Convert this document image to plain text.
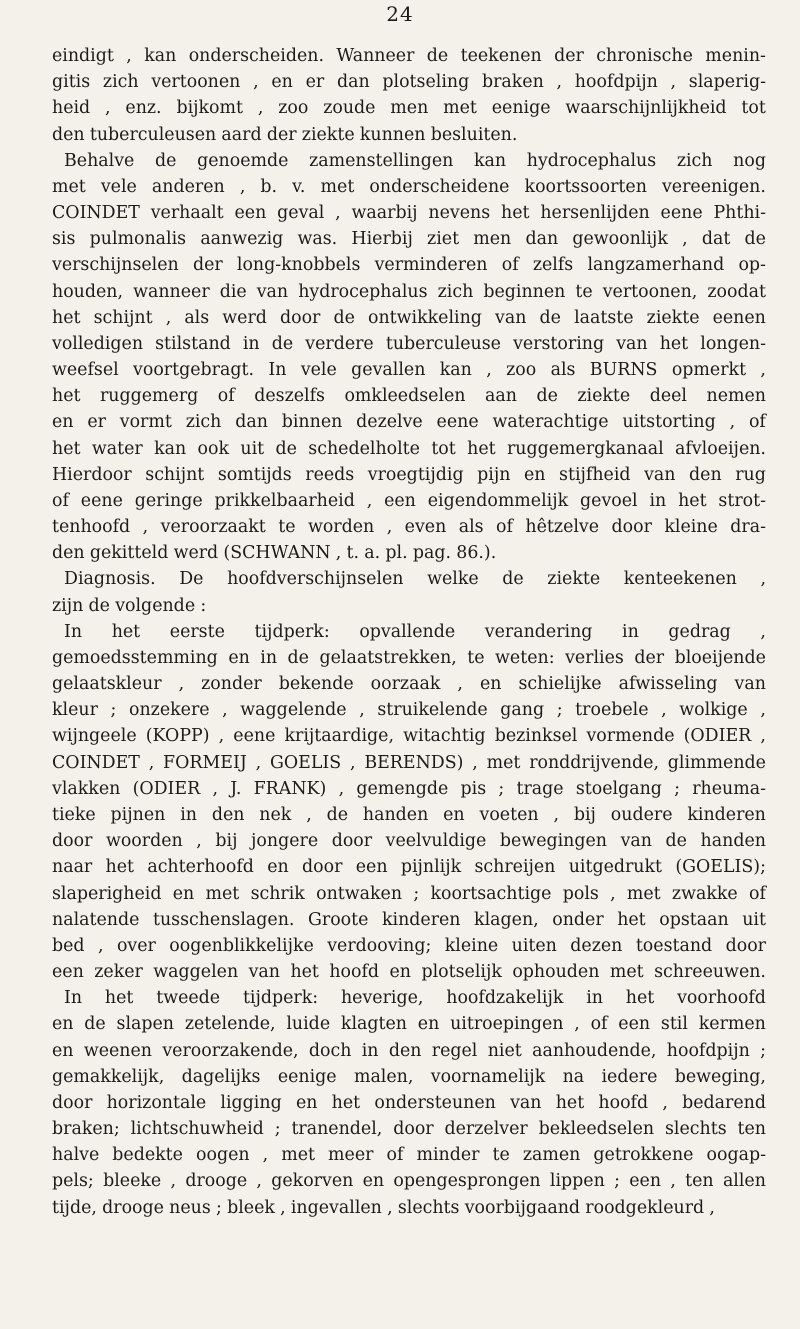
24
eindigt , kan onderscheiden. Wanneer de teekenen der chronische menin-
gitis zich vertoonen , en er dan plotseling braken , hoofdpijn , slaperig-
heid , enz. bijkomt , zoo zoude men met eenige waarschijnlijkheid tot
den tuberculeusen aard der ziekte kunnen besluiten.
Behalve de genoemde zamenstellingen kan hydrocephalus zich nog
met vele anderen , b. v. met onderscheidene koortssoorten vereenigen.
COINDET verhaalt een geval , waarbij nevens het hersenlijden eene Phthi-
sis pulmonalis aanwezig was. Hierbij ziet men dan gewoonlijk , dat de
verschijnselen der long-knobbels verminderen of zelfs langzamerhand op-
houden, wanneer die van hydrocephalus zich beginnen te vertoonen, zoodat
het schijnt , als werd door de ontwikkeling van de laatste ziekte eenen
volledigen stilstand in de verdere tuberculeuse verstoring van het longen-
weefsel voortgebragt. In vele gevallen kan , zoo als BURNS opmerkt ,
het ruggemerg of deszelfs omkleedselen aan de ziekte deel nemen
en er vormt zich dan binnen dezelve eene waterachtige uitstorting , of
het water kan ook uit de schedelholte tot het ruggemergkanaal afvloeijen.
Hierdoor schijnt somtijds reeds vroegtijdig pijn en stijfheid van den rug
of eene geringe prikkelbaarheid , een eigendommelijk gevoel in het strot-
tenhoofd , veroorzaakt te worden , even als of hêtzelve door kleine dra-
den gekitteld werd (SCHWANN , t. a. pl. pag. 86.).
Diagnosis. De hoofdverschijnselen welke de ziekte kenteekenen ,
zijn de volgende :
In het eerste tijdperk: opvallende verandering in gedrag ,
gemoedsstemming en in de gelaatstrekken, te weten: verlies der bloeijende
gelaatskleur , zonder bekende oorzaak , en schielijke afwisseling van
kleur ; onzekere , waggelende , struikelende gang ; troebele , wolkige ,
wijngeele (KOPP) , eene krijtaardige, witachtig bezinksel vormende (ODIER ,
COINDET , FORMEIJ , GOELIS , BERENDS) , met ronddrijvende, glimmende
vlakken (ODIER , J. FRANK) , gemengde pis ; trage stoelgang ; rheuma-
tieke pijnen in den nek , de handen en voeten , bij oudere kinderen
door woorden , bij jongere door veelvuldige bewegingen van de handen
naar het achterhoofd en door een pijnlijk schreijen uitgedrukt (GOELIS);
slaperigheid en met schrik ontwaken ; koortsachtige pols , met zwakke of
nalatende tusschenslagen. Groote kinderen klagen, onder het opstaan uit
bed , over oogenblikkelijke verdooving; kleine uiten dezen toestand door
een zeker waggelen van het hoofd en plotselijk ophouden met schreeuwen.
In het tweede tijdperk: heverige, hoofdzakelijk in het voorhoofd
en de slapen zetelende, luide klagten en uitroepingen , of een stil kermen
en weenen veroorzakende, doch in den regel niet aanhoudende, hoofdpijn ;
gemakkelijk, dagelijks eenige malen, voornamelijk na iedere beweging,
door horizontale ligging en het ondersteunen van het hoofd , bedarend
braken; lichtschuwheid ; tranendel, door derzelver bekleedselen slechts ten
halve bedekte oogen , met meer of minder te zamen getrokkene oogap-
pels; bleeke , drooge , gekorven en opengesprongen lippen ; een , ten allen
tijde, drooge neus ; bleek , ingevallen , slechts voorbijgaand roodgekleurd ,
